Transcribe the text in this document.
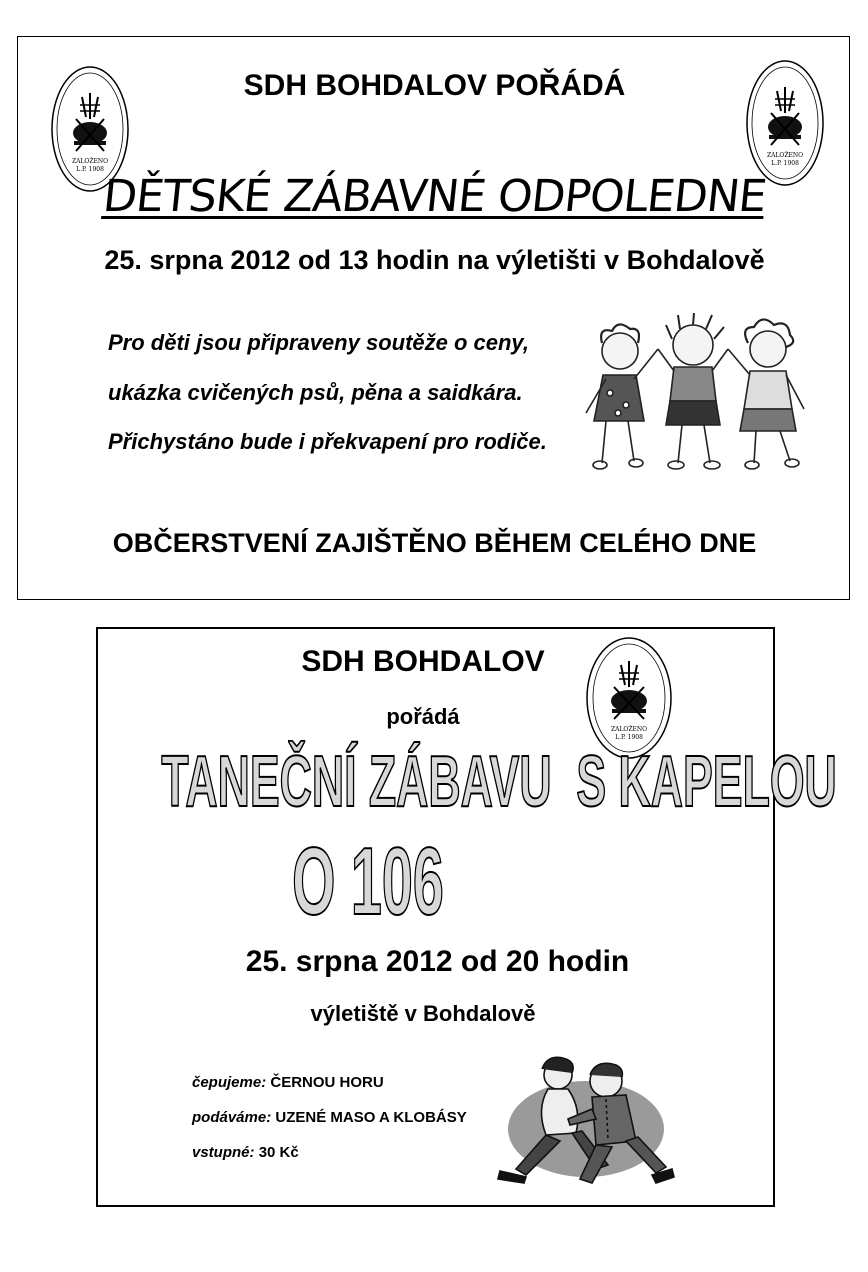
ZALOŽENO
L.P. 1908
ZALOŽENO
L.P. 1908
SDH BOHDALOV POŘÁDÁ
DĚTSKÉ ZÁBAVNÉ ODPOLEDNE
25. srpna 2012 od 13 hodin na výletišti v Bohdalově
Pro děti jsou připraveny soutěže o ceny,
ukázka cvičených psů, pěna a saidkára.
Přichystáno bude i překvapení pro rodiče.
OBČERSTVENÍ ZAJIŠTĚNO BĚHEM CELÉHO DNE
ZALOŽENO
L.P. 1908
SDH BOHDALOV
pořádá
TANEČNÍ ZÁBAVU  S KAPELOU
O 106
25. srpna 2012 od 20 hodin
výletiště v Bohdalově
čepujeme: ČERNOU HORU
podáváme: UZENÉ MASO A KLOBÁSY
vstupné: 30 Kč
